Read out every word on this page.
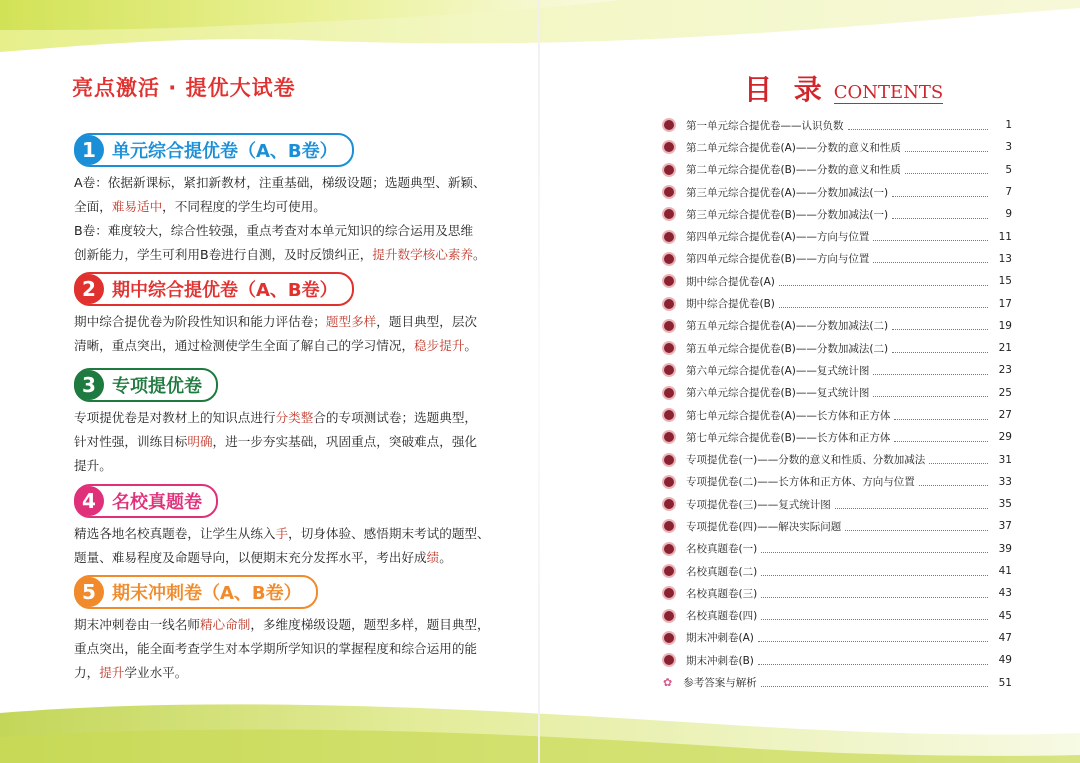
亮点激活 · 提优大试卷
1 单元综合提优卷（A、B卷）
A卷：依据新课标，紧扣新教材，注重基础，梯级设题；选题典型、新颖、
全面，难易适中，不同程度的学生均可使用。
B卷：难度较大，综合性较强，重点考查对本单元知识的综合运用及思维
创新能力，学生可利用B卷进行自测，及时反馈纠正，提升数学核心素养。
2 期中综合提优卷（A、B卷）
期中综合提优卷为阶段性知识和能力评估卷；题型多样，题目典型，层次
清晰，重点突出，通过检测使学生全面了解自己的学习情况，稳步提升。
3 专项提优卷
专项提优卷是对教材上的知识点进行分类整合的专项测试卷；选题典型，
针对性强，训练目标明确，进一步夯实基础，巩固重点，突破难点，强化
提升。
4 名校真题卷
精选各地名校真题卷，让学生从练入手，切身体验、感悟期末考试的题型、
题量、难易程度及命题导向，以便期末充分发挥水平，考出好成绩。
5 期末冲刺卷（A、B卷）
期末冲刺卷由一线名师精心命制，多维度梯级设题，题型多样，题目典型，
重点突出，能全面考查学生对本学期所学知识的掌握程度和综合运用的能
力，提升学业水平。
目 录 CONTENTS
第一单元综合提优卷——认识负数	1
第二单元综合提优卷(A)——分数的意义和性质	3
第二单元综合提优卷(B)——分数的意义和性质	5
第三单元综合提优卷(A)——分数加减法(一)	7
第三单元综合提优卷(B)——分数加减法(一)	9
第四单元综合提优卷(A)——方向与位置	11
第四单元综合提优卷(B)——方向与位置	13
期中综合提优卷(A)	15
期中综合提优卷(B)	17
第五单元综合提优卷(A)——分数加减法(二)	19
第五单元综合提优卷(B)——分数加减法(二)	21
第六单元综合提优卷(A)——复式统计图	23
第六单元综合提优卷(B)——复式统计图	25
第七单元综合提优卷(A)——长方体和正方体	27
第七单元综合提优卷(B)——长方体和正方体	29
专项提优卷(一)——分数的意义和性质、分数加减法	31
专项提优卷(二)——长方体和正方体、方向与位置	33
专项提优卷(三)——复式统计图	35
专项提优卷(四)——解决实际问题	37
名校真题卷(一)	39
名校真题卷(二)	41
名校真题卷(三)	43
名校真题卷(四)	45
期末冲刺卷(A)	47
期末冲刺卷(B)	49
✿ 参考答案与解析	51
